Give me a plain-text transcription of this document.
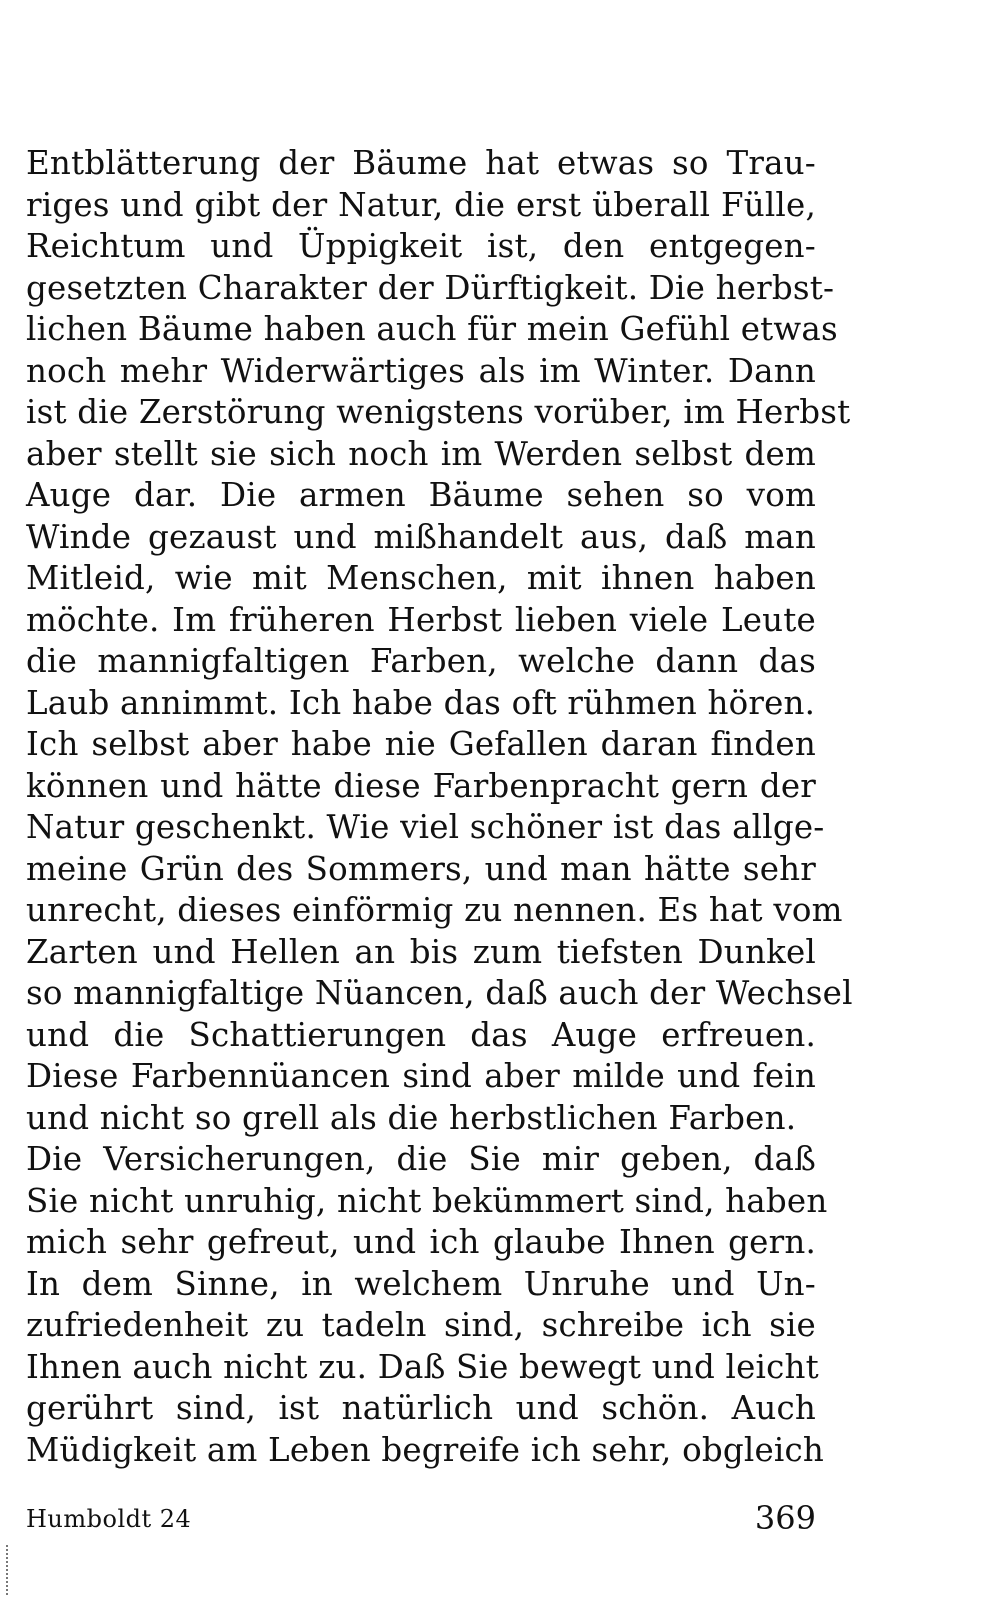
Entblätterung der Bäume hat etwas so Trau-
riges und gibt der Natur, die erst überall Fülle,
Reichtum und Üppigkeit ist, den entgegen-
gesetzten Charakter der Dürftigkeit. Die herbst-
lichen Bäume haben auch für mein Gefühl etwas
noch mehr Widerwärtiges als im Winter. Dann
ist die Zerstörung wenigstens vorüber, im Herbst
aber stellt sie sich noch im Werden selbst dem
Auge dar. Die armen Bäume sehen so vom
Winde gezaust und mißhandelt aus, daß man
Mitleid, wie mit Menschen, mit ihnen haben
möchte. Im früheren Herbst lieben viele Leute
die mannigfaltigen Farben, welche dann das
Laub annimmt. Ich habe das oft rühmen hören.
Ich selbst aber habe nie Gefallen daran finden
können und hätte diese Farbenpracht gern der
Natur geschenkt. Wie viel schöner ist das allge-
meine Grün des Sommers, und man hätte sehr
unrecht, dieses einförmig zu nennen. Es hat vom
Zarten und Hellen an bis zum tiefsten Dunkel
so mannigfaltige Nüancen, daß auch der Wechsel
und die Schattierungen das Auge erfreuen.
Diese Farbennüancen sind aber milde und fein
und nicht so grell als die herbstlichen Farben.
Die Versicherungen, die Sie mir geben, daß
Sie nicht unruhig, nicht bekümmert sind, haben
mich sehr gefreut, und ich glaube Ihnen gern.
In dem Sinne, in welchem Unruhe und Un-
zufriedenheit zu tadeln sind, schreibe ich sie
Ihnen auch nicht zu. Daß Sie bewegt und leicht
gerührt sind, ist natürlich und schön. Auch
Müdigkeit am Leben begreife ich sehr, obgleich
Humboldt 24	369
